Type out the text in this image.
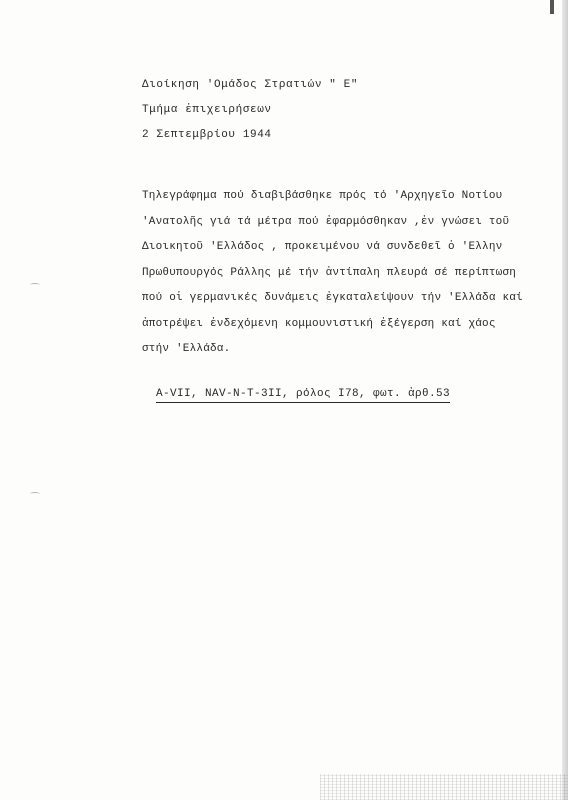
Διοίκηση 'Ομάδος Στρατιών " Ε"
Τμήμα ἐπιχειρήσεων
2 Σεπτεμβρίου 1944
Τηλεγράφημα πού διαβιβάσθηκε πρός τό 'Αρχηγεῖο Νοτίου
'Ανατολῆς γιά τά μέτρα πού ἐφαρμόσθηκαν ,ἐν γνώσει τοῦ
Διοικητοῦ 'Ελλάδος , προκειμένου νά συνδεθεῖ ὁ 'Ελλην
Πρωθυπουργός Ράλλης μέ τήν ἀντίπαλη πλευρά σέ περίπτωση
πού οἱ γερμανικές δυνάμεις ἐγκαταλείψουν τήν 'Ελλάδα καί
ἀποτρέψει ἐνδεχόμενη κομμουνιστική ἐξέγερση καί χάος
στήν 'Ελλάδα.
A-VII, NAV-N-T-3II, ρόλος I78, φωτ. ἀρθ.53
